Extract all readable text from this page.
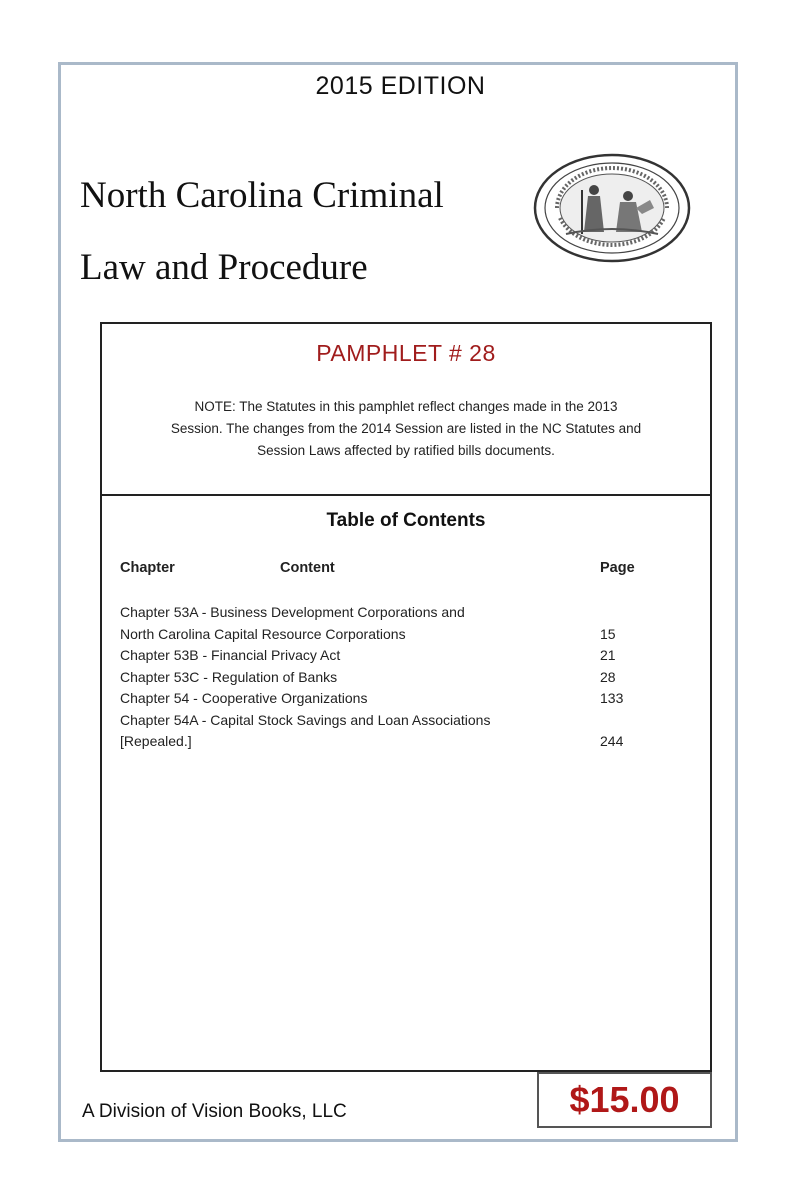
2015 EDITION
North Carolina Criminal
Law and Procedure
PAMPHLET # 28
NOTE: The Statutes in this pamphlet reflect changes made in the 2013
Session. The changes from the 2014 Session are listed in the NC Statutes and
Session Laws affected by ratified bills documents.
Table of Contents
Chapter	Content	Page
Chapter 53A - Business Development Corporations and
North Carolina Capital Resource Corporations	15
Chapter 53B - Financial Privacy Act	21
Chapter 53C - Regulation of Banks	28
Chapter 54 - Cooperative Organizations	133
Chapter 54A - Capital Stock Savings and Loan Associations
[Repealed.]	244
A Division of Vision Books, LLC	$15.00
